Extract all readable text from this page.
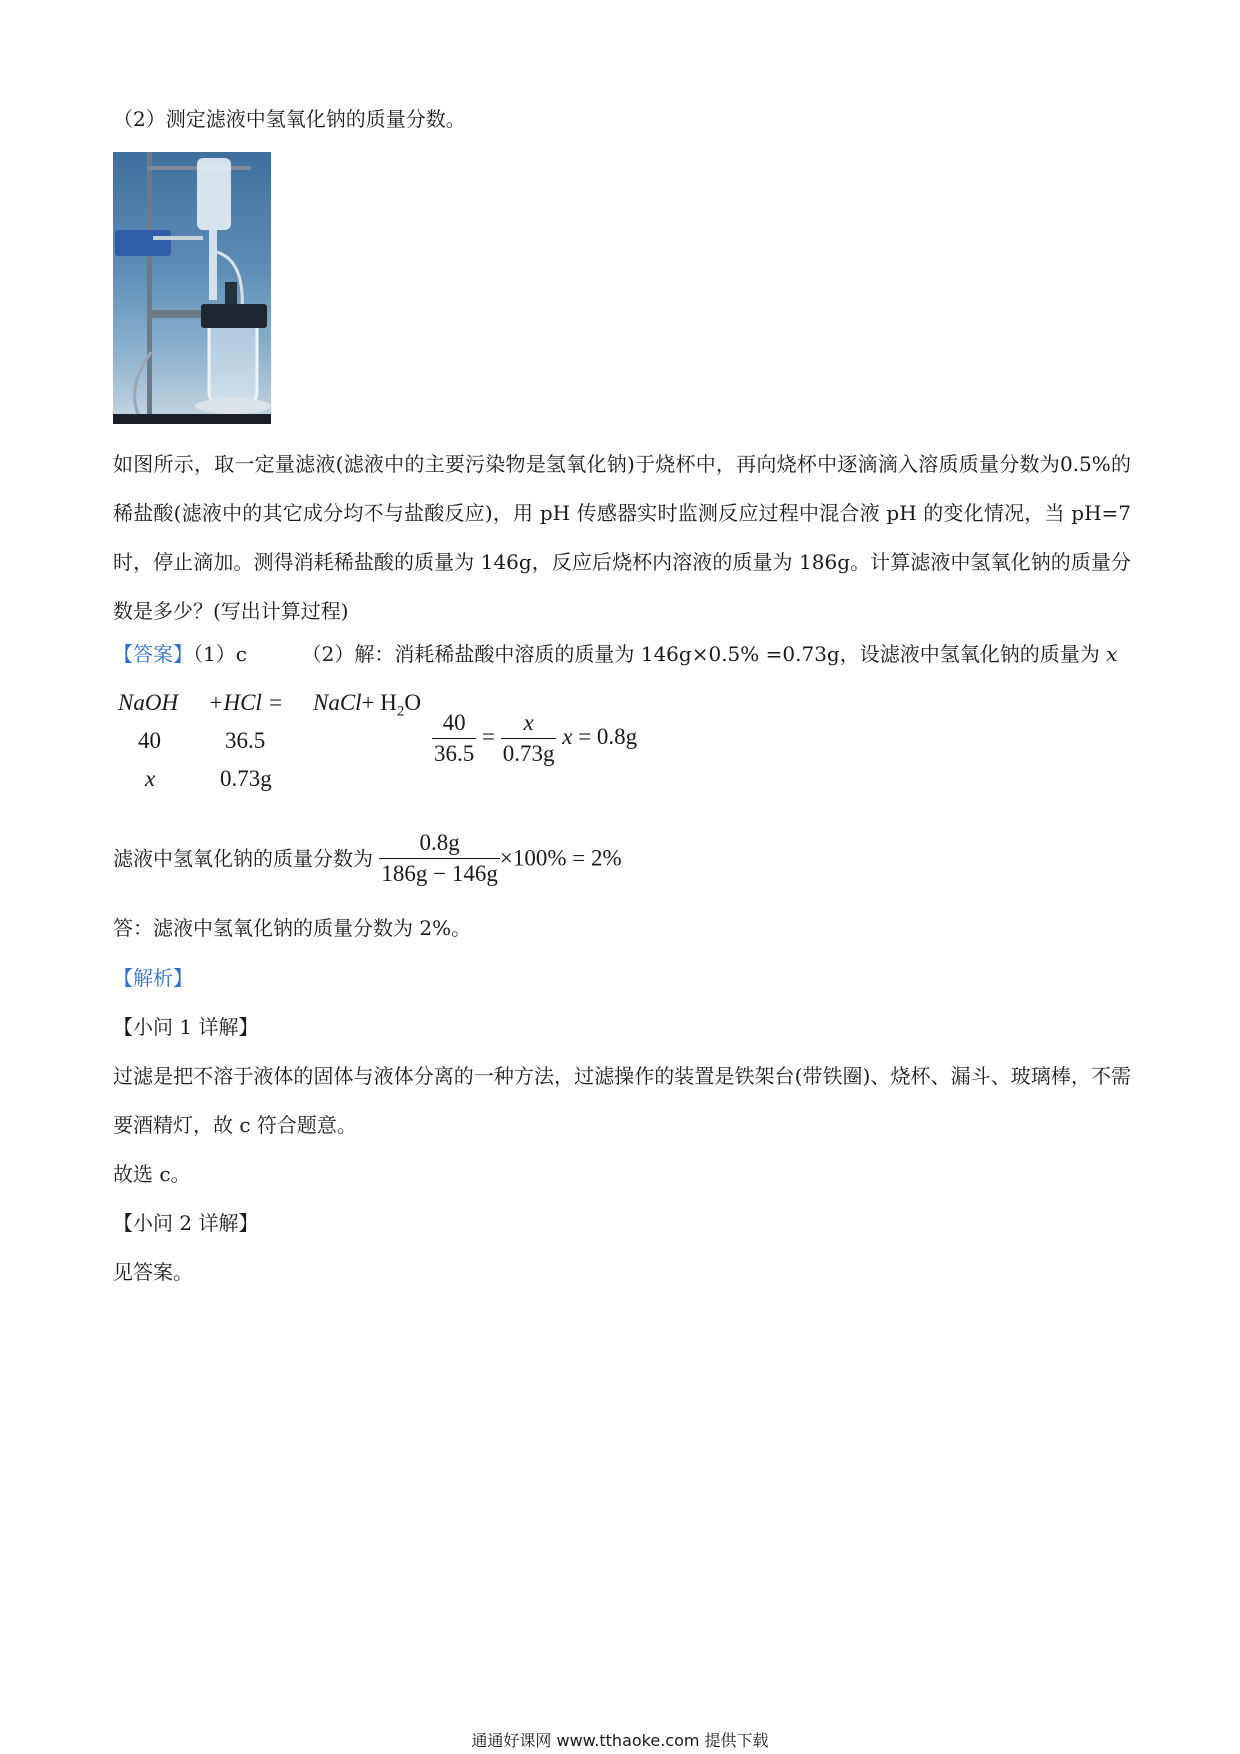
（2）测定滤液中氢氧化钠的质量分数。
如图所示，取一定量滤液(滤液中的主要污染物是氢氧化钠)于烧杯中，再向烧杯中逐滴滴入溶质质量分数为0.5%的稀盐酸(滤液中的其它成分均不与盐酸反应)，用 pH 传感器实时监测反应过程中混合液 pH 的变化情况，当 pH=7 时，停止滴加。测得消耗稀盐酸的质量为 146g，反应后烧杯内溶液的质量为 186g。计算滤液中氢氧化钠的质量分数是多少？(写出计算过程)
【答案】（1）c	（2）解：消耗稀盐酸中溶质的质量为 146g×0.5% =0.73g，设滤液中氢氧化钠的质量为 x
NaOH +HCl = NaCl+ $H_2O$
40	36.5
x	0.73g
$\frac{40}{36.5} = \frac{x}{0.73g}$ x = 0.8g
滤液中氢氧化钠的质量分数为 $\frac{0.8g}{186g - 146g} \times 100\% = 2\%$
答：滤液中氢氧化钠的质量分数为 2%。
【解析】
【小问 1 详解】
过滤是把不溶于液体的固体与液体分离的一种方法，过滤操作的装置是铁架台(带铁圈)、烧杯、漏斗、玻璃棒，不需要酒精灯，故 c 符合题意。
故选 c。
【小问 2 详解】
见答案。
通通好课网 www.tthaoke.com 提供下载
